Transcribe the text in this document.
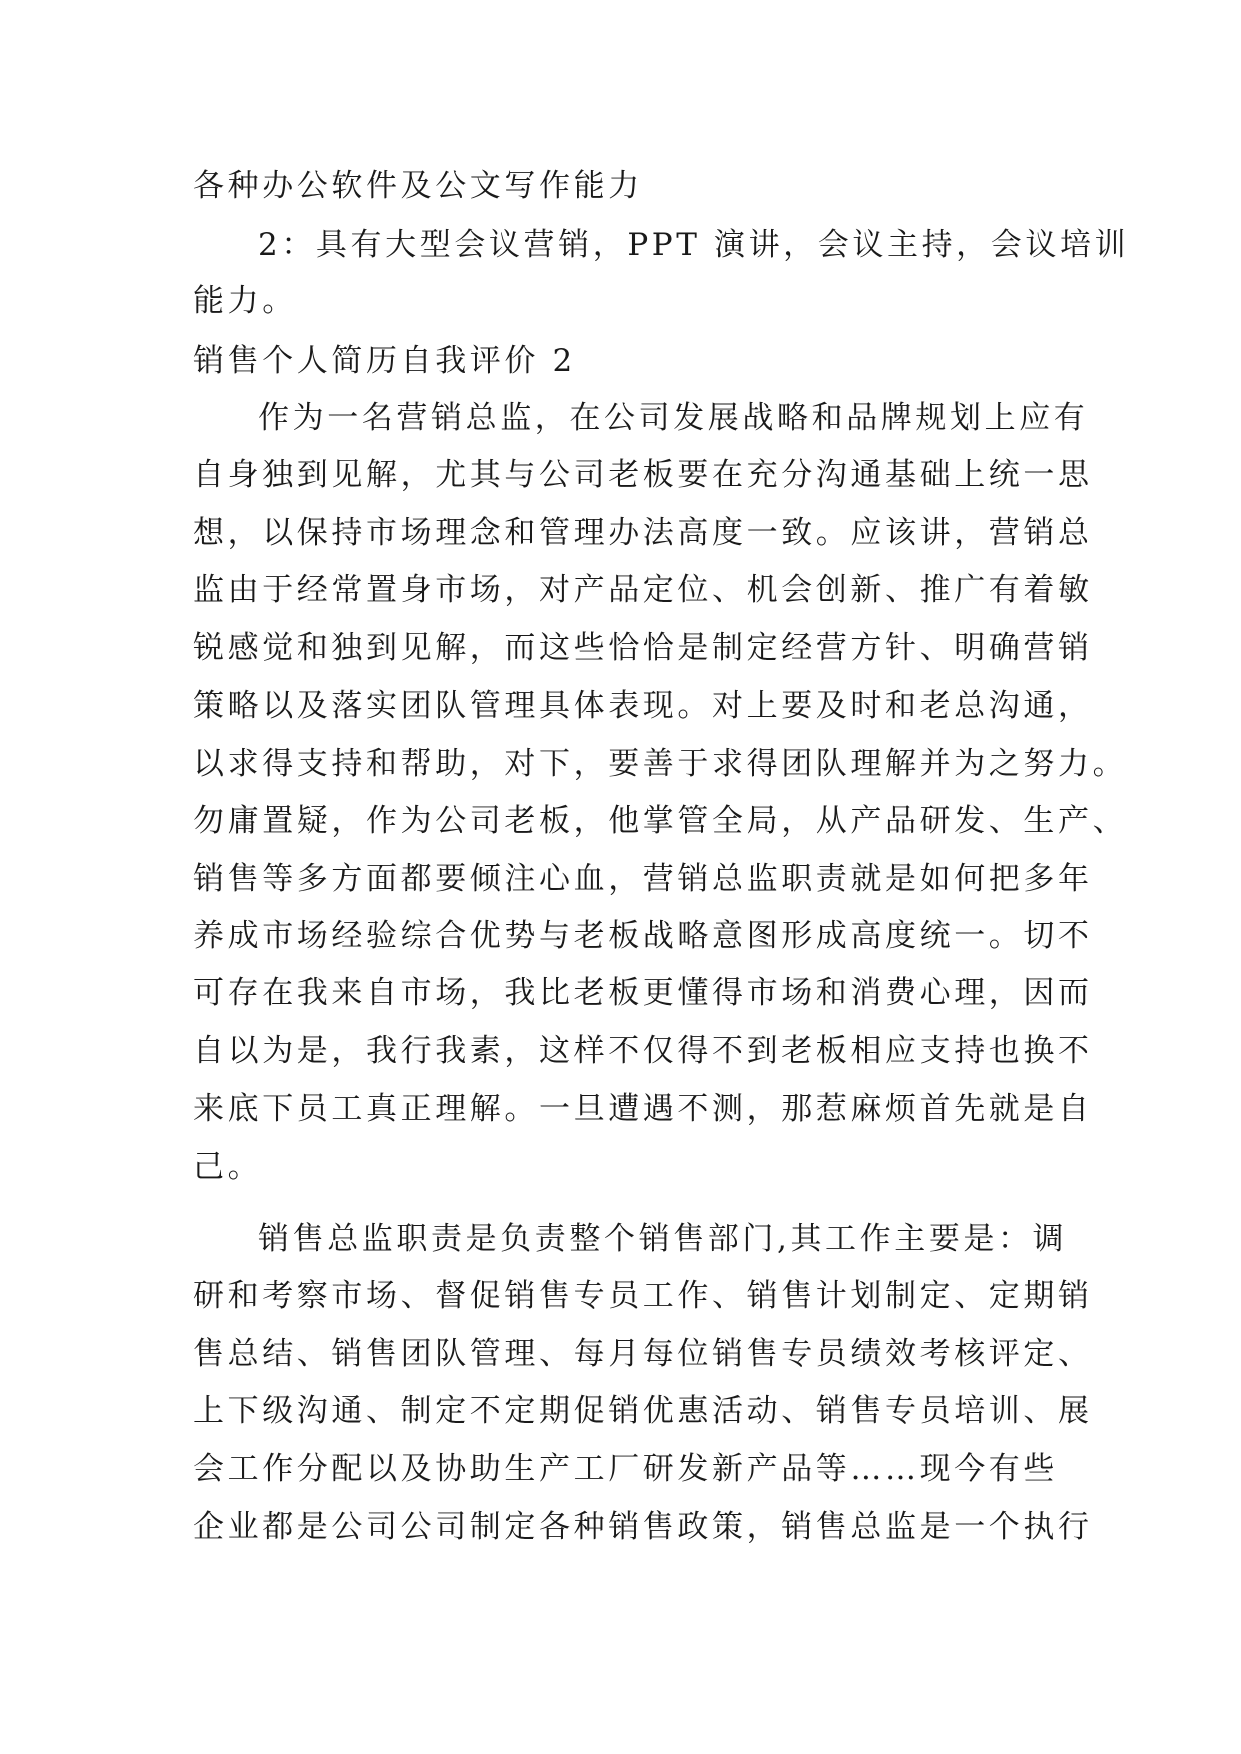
各种办公软件及公文写作能力
2：具有大型会议营销，PPT 演讲，会议主持，会议培训
能力。
销售个人简历自我评价 2
作为一名营销总监，在公司发展战略和品牌规划上应有
自身独到见解，尤其与公司老板要在充分沟通基础上统一思
想，以保持市场理念和管理办法高度一致。应该讲，营销总
监由于经常置身市场，对产品定位、机会创新、推广有着敏
锐感觉和独到见解，而这些恰恰是制定经营方针、明确营销
策略以及落实团队管理具体表现。对上要及时和老总沟通，
以求得支持和帮助，对下，要善于求得团队理解并为之努力。
勿庸置疑，作为公司老板，他掌管全局，从产品研发、生产、
销售等多方面都要倾注心血，营销总监职责就是如何把多年
养成市场经验综合优势与老板战略意图形成高度统一。切不
可存在我来自市场，我比老板更懂得市场和消费心理，因而
自以为是，我行我素，这样不仅得不到老板相应支持也换不
来底下员工真正理解。一旦遭遇不测，那惹麻烦首先就是自
己。
销售总监职责是负责整个销售部门,其工作主要是：调
研和考察市场、督促销售专员工作、销售计划制定、定期销
售总结、销售团队管理、每月每位销售专员绩效考核评定、
上下级沟通、制定不定期促销优惠活动、销售专员培训、展
会工作分配以及协助生产工厂研发新产品等……现今有些
企业都是公司公司制定各种销售政策，销售总监是一个执行
